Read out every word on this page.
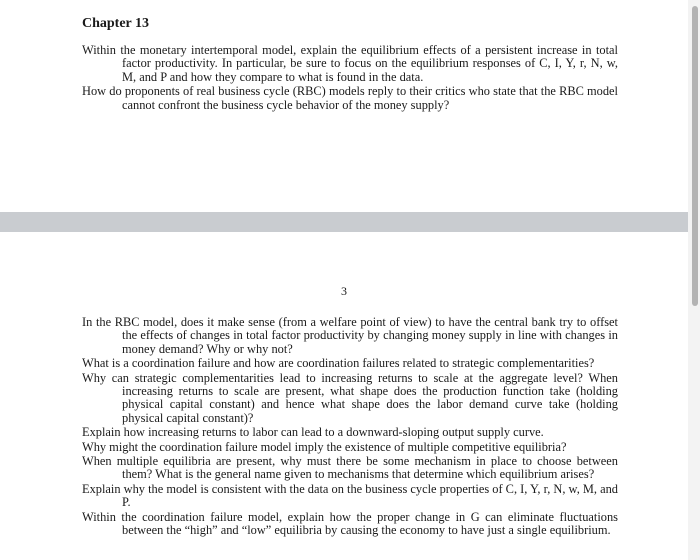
Chapter 13
Within the monetary intertemporal model, explain the equilibrium effects of a persistent increase in total factor productivity. In particular, be sure to focus on the equilibrium responses of C, I, Y, r, N, w, M, and P and how they compare to what is found in the data.
How do proponents of real business cycle (RBC) models reply to their critics who state that the RBC model cannot confront the business cycle behavior of the money supply?
3
In the RBC model, does it make sense (from a welfare point of view) to have the central bank try to offset the effects of changes in total factor productivity by changing money supply in line with changes in money demand? Why or why not?
What is a coordination failure and how are coordination failures related to strategic complementarities?
Why can strategic complementarities lead to increasing returns to scale at the aggregate level? When increasing returns to scale are present, what shape does the production function take (holding physical capital constant) and hence what shape does the labor demand curve take (holding physical capital constant)?
Explain how increasing returns to labor can lead to a downward-sloping output supply curve.
Why might the coordination failure model imply the existence of multiple competitive equilibria?
When multiple equilibria are present, why must there be some mechanism in place to choose between them? What is the general name given to mechanisms that determine which equilibrium arises?
Explain why the model is consistent with the data on the business cycle properties of C, I, Y, r, N, w, M, and P.
Within the coordination failure model, explain how the proper change in G can eliminate fluctuations between the “high” and “low” equilibria by causing the economy to have just a single equilibrium.
